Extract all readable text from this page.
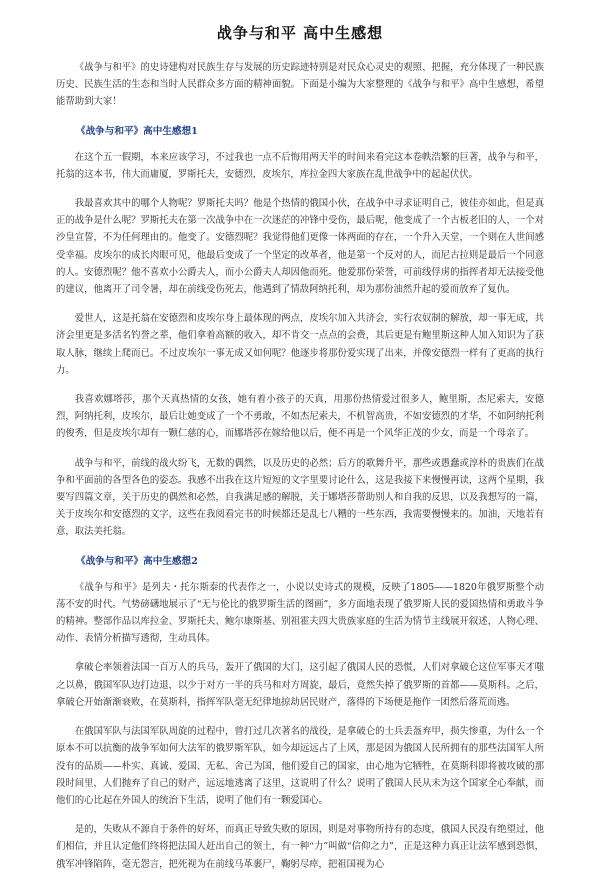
战争与和平 高中生感想

《战争与和平》的史诗建构对民族生存与发展的历史踪迹特别是对民众心灵史的观照、把握，充分体现了一种民族历史、民族生活的生态和当时人民群众多方面的精神面貌。下面是小编为大家整理的《战争与和平》高中生感想，希望能帮助到大家！

《战争与和平》高中生感想1

在这个五一假期，本来应该学习，不过我也一点不后悔用两天半的时间来看完这本卷帙浩繁的巨著，战争与和平，托翁的这本书，伟大而庸厦，罗斯托夫，安德烈，皮埃尔，库拉金四大家族在乱世战争中的起起伏伏。

我最喜欢其中的哪个人物呢？罗斯托夫吗？他是个热情的俄国小伙，在战争中寻求证明自己，彼佳亦如此，但是真正的战争是什么呢？罗斯托夫在第一次战争中在一次迷茫的冲锋中受伤，最后呢，他变成了一个古板老旧的人，一个对沙皇宣誓，不为任何理由的。他变了。安德烈呢？我觉得他们更像一体两面的存在，一个升入天堂，一个则在人世间感受幸福。皮埃尔的成长肉眼可见，他最后变成了一个坚定的改革者，他是第一个反对的人，而尼古拉则是最后一个同意的人。安德烈呢？他不喜欢小公爵夫人，而小公爵夫人却因他而死。他爱那份荣誉，可前线俘虏的指挥者却无法接受他的建议，他离开了司令暑，却在前线受伤死去，他遇到了情敌阿纳托利，却为那份油然升起的爱而放弃了复仇。

爱世人，这是托翁在安德烈和皮埃尔身上最体现的两点，皮埃尔加入共济会，实行农奴制的解放，却一事无成，共济会里更是多活名钓誉之辈，他们拿着高额的收入，却不肯交一点点的会费，其后更是有鲍里斯这种人加入知识为了获取人脉，继续上爬而已。不过皮埃尔一事无成又如何呢？他逐步将那份爱实现了出来，并像安德烈一样有了更高的执行力。

我喜欢娜塔莎，那个天真热情的女孩，她有着小孩子的天真，用那份热情爱过很多人，鲍里斯，杰尼索夫，安德烈，阿纳托利，皮埃尔，最后让她变成了一个不勇敢，不如杰尼索夫，不机智高贵，不如安德烈的才华，不如阿纳托利的俊秀，但是皮埃尔却有一颗仁慈的心，而娜塔莎在嫁给他以后，便不再是一个风华正茂的少女，而是一个母亲了。

战争与和平，前线的战火纷飞，无数的偶然，以及历史的必然；后方的歌舞升平，那些或愚蠢或淳朴的贵族们在战争和平面前的各型各色的姿态。我感不出我在这片短短的文字里要讨论什么，这是我接下来慢慢再读，这两个星期，我要写四篇文章，关于历史的偶然和必然，自我满足感的解脱，关于娜塔莎帮助别人和自我的反思，以及我想写的一篇，关于皮埃尔和安德烈的文字，这些在我阅看完书的时候都还是乱七八糟的一些东西，我需要慢慢来的。加油，天地若有意，取法美托翁。

《战争与和平》高中生感想2

《战争与和平》是列夫・托尔斯泰的代表作之一，小说以史诗式的规模，反映了1805——1820年俄罗斯整个动荡不安的时代。气势磅礴地展示了“无与伦比的俄罗斯生活的图画”，多方面地表现了俄罗斯人民的爱国热情和勇敢斗争的精神。整部作品以库拉金、罗斯托夫、鲍尔康斯基、别祖霍夫四大贵族家庭的生活为情节主线展开叙述，人物心理、动作、表情分析描写透彻，生动具体。

拿破仑率领着法国一百万人的兵马，轰开了俄国的大门，这引起了俄国人民的恐慌，人们对拿破仑这位军事天才嗤之以鼻，俄国军队边打边退，以少于对方一半的兵马和对方周旋，最后，竟然失掉了俄罗斯的首都——莫斯科。之后，拿破仑开始渐渐衰败，在莫斯科，指挥军队毫无纪律地掠劫居民财产，落得的下场便是拖作一团然后落荒而逃。

在俄国军队与法国军队周旋的过程中，曾打过几次著名的战役，是拿破仑的士兵丢盔弃甲，损失惨重，为什么一个原本不可以抗衡的战争军如何大法军的俄罗斯军队，如今却远远占了上风，那是因为俄国人民所拥有的那些法国军人所没有的品质——朴实、真诚、爱国、无私、舍己为国，他们爱自己的国家，由心地为它牺牲，在莫斯科即将被攻破的那段时间里，人们抛弃了自己的财产，远远地逃离了这里，这说明了什么？说明了俄国人民从未为这个国家全心奉献，而他们的心比起在外国人的统治下生活，说明了他们有一颗爱国心。

是的，失败从不源自于条件的好坏，而真正导致失败的原因，则是对事物所持有的态度，俄国人民没有绝望过，他们相信，并且认定他们终将把法国人赶出自己的领土，有一种“力”叫做“信仰之力”，正是这种力真正让法军感到恐惧，俄军冲锋陷阵，毫无怨言，把死视为在前线马革裹尸，鞠躬尽瘁，把祖国视为心
